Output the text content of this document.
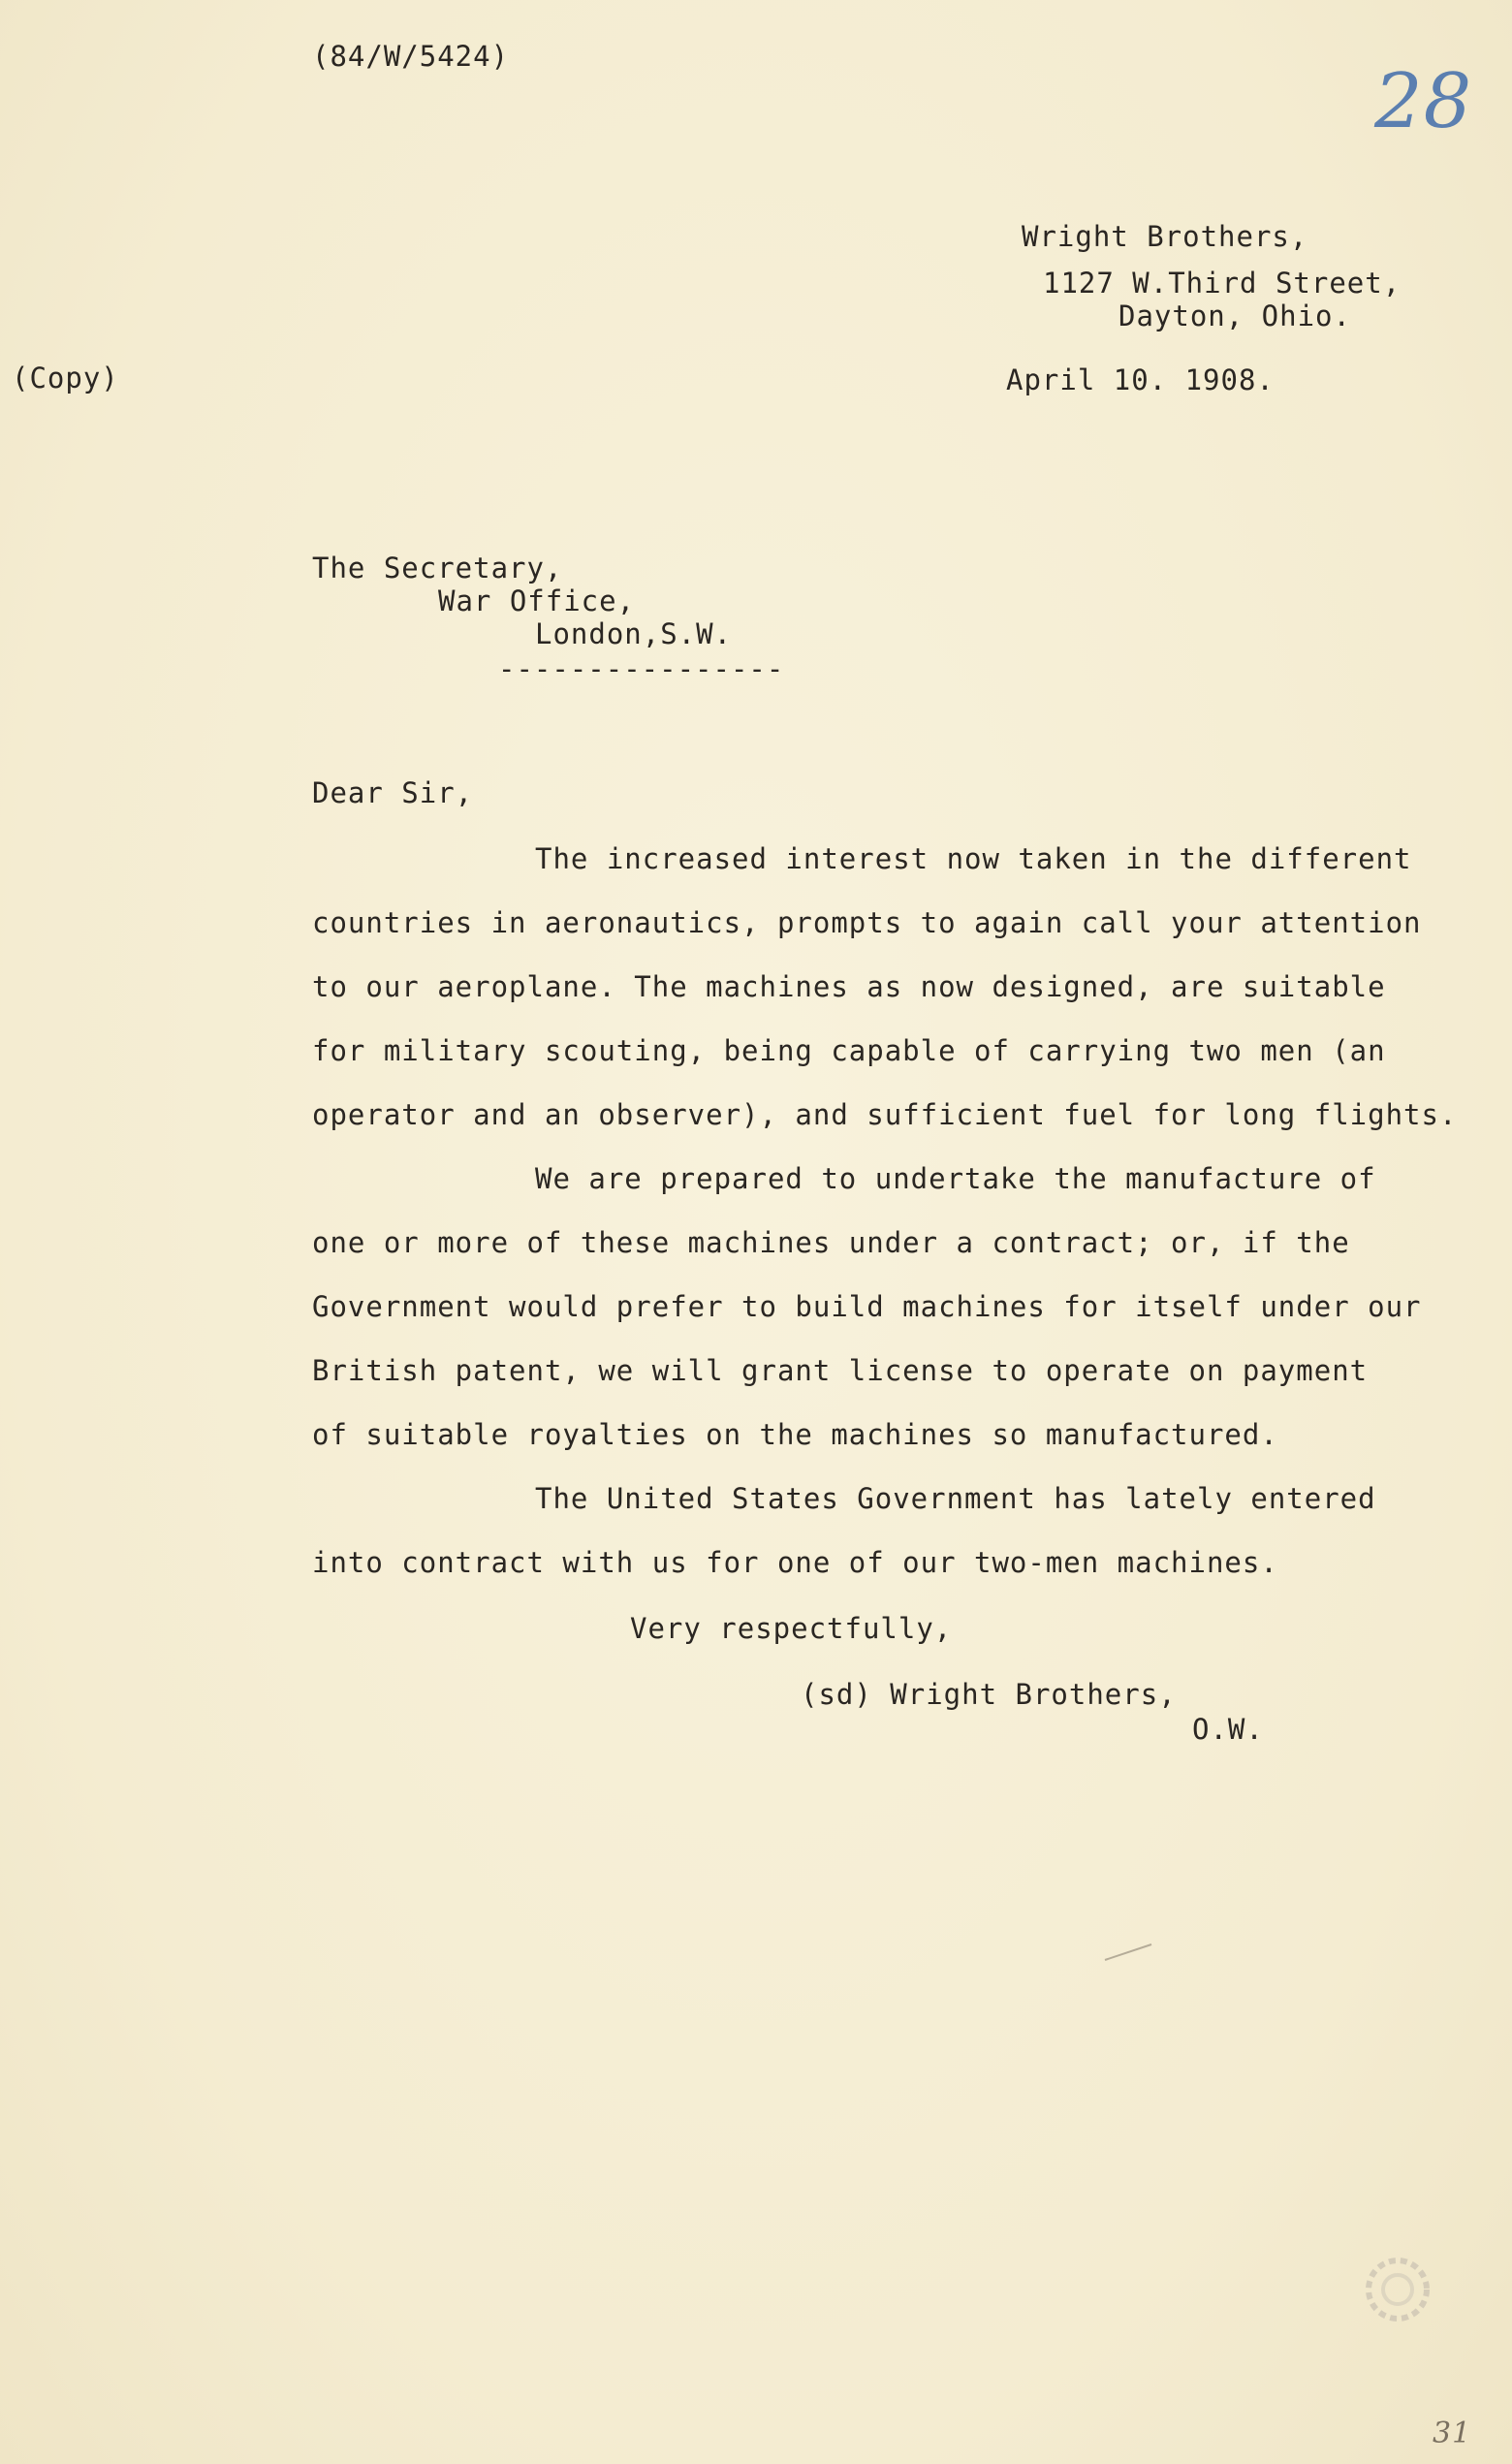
(84/W/5424)
28
Wright Brothers,
1127 W.Third Street,
Dayton, Ohio.
(Copy)	April 10. 1908.
The Secretary,
War Office,
London,S.W.
----------------
Dear Sir,
The increased interest now taken in the different
countries in aeronautics, prompts to again call your attention
to our aeroplane. The machines as now designed, are suitable
for military scouting, being capable of carrying two men (an
operator and an observer), and sufficient fuel for long flights.
We are prepared to undertake the manufacture of
one or more of these machines under a contract; or, if the
Government would prefer to build machines for itself under our
British patent, we will grant license to operate on payment
of suitable royalties on the machines so manufactured.
The United States Government has lately entered
into contract with us for one of our two-men machines.
Very respectfully,
(sd) Wright Brothers,
O.W.
31
